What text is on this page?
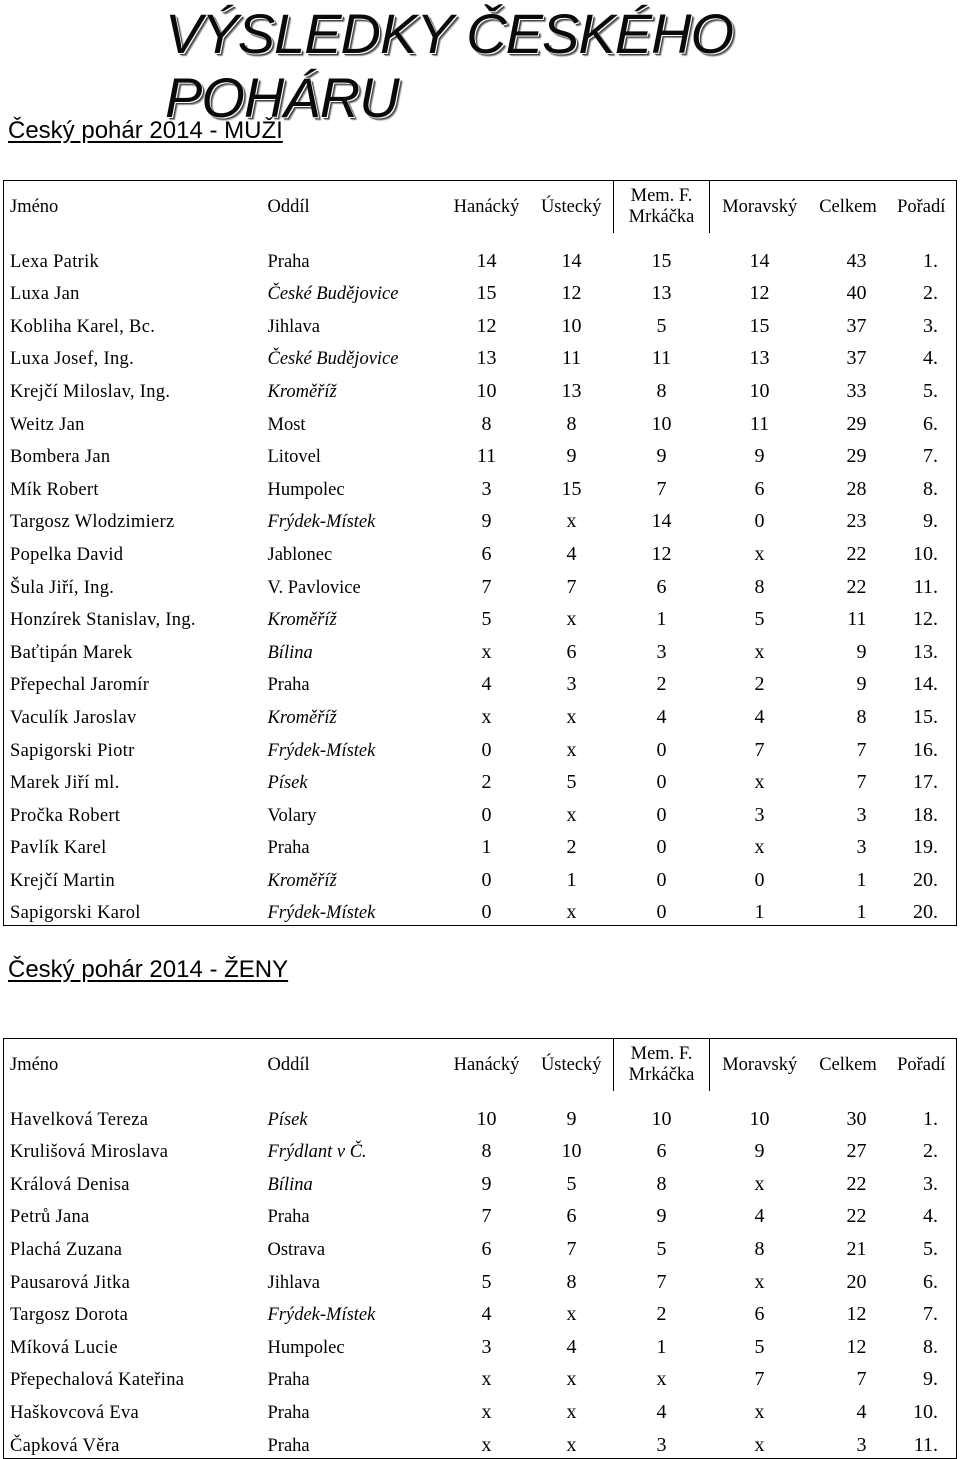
VÝSLEDKY ČESKÉHO POHÁRU
Český pohár 2014 - MUŽI
Jméno	Oddíl	Hanácký	Ústecký	Mem. F.
Mrkáčka	Moravský	Celkem	Pořadí

Lexa Patrik	Praha	14	14	15	14	43	1.
Luxa Jan	České Budějovice	15	12	13	12	40	2.
Kobliha Karel, Bc.	Jihlava	12	10	5	15	37	3.
Luxa Josef, Ing.	České Budějovice	13	11	11	13	37	4.
Krejčí Miloslav, Ing.	Kroměříž	10	13	8	10	33	5.
Weitz Jan	Most	8	8	10	11	29	6.
Bombera Jan	Litovel	11	9	9	9	29	7.
Mík Robert	Humpolec	3	15	7	6	28	8.
Targosz Wlodzimierz	Frýdek-Místek	9	x	14	0	23	9.
Popelka David	Jablonec	6	4	12	x	22	10.
Šula Jiří, Ing.	V. Pavlovice	7	7	6	8	22	11.
Honzírek Stanislav, Ing.	Kroměříž	5	x	1	5	11	12.
Baťtipán Marek	Bílina	x	6	3	x	9	13.
Přepechal Jaromír	Praha	4	3	2	2	9	14.
Vaculík Jaroslav	Kroměříž	x	x	4	4	8	15.
Sapigorski Piotr	Frýdek-Místek	0	x	0	7	7	16.
Marek Jiří ml.	Písek	2	5	0	x	7	17.
Pročka Robert	Volary	0	x	0	3	3	18.
Pavlík Karel	Praha	1	2	0	x	3	19.
Krejčí Martin	Kroměříž	0	1	0	0	1	20.
Sapigorski Karol	Frýdek-Místek	0	x	0	1	1	20.
Český pohár 2014 - ŽENY
Jméno	Oddíl	Hanácký	Ústecký	Mem. F.
Mrkáčka	Moravský	Celkem	Pořadí

Havelková Tereza	Písek	10	9	10	10	30	1.
Krulišová Miroslava	Frýdlant v Č.	8	10	6	9	27	2.
Králová Denisa	Bílina	9	5	8	x	22	3.
Petrů Jana	Praha	7	6	9	4	22	4.
Plachá Zuzana	Ostrava	6	7	5	8	21	5.
Pausarová Jitka	Jihlava	5	8	7	x	20	6.
Targosz Dorota	Frýdek-Místek	4	x	2	6	12	7.
Míková Lucie	Humpolec	3	4	1	5	12	8.
Přepechalová Kateřina	Praha	x	x	x	7	7	9.
Haškovcová Eva	Praha	x	x	4	x	4	10.
Čapková Věra	Praha	x	x	3	x	3	11.
